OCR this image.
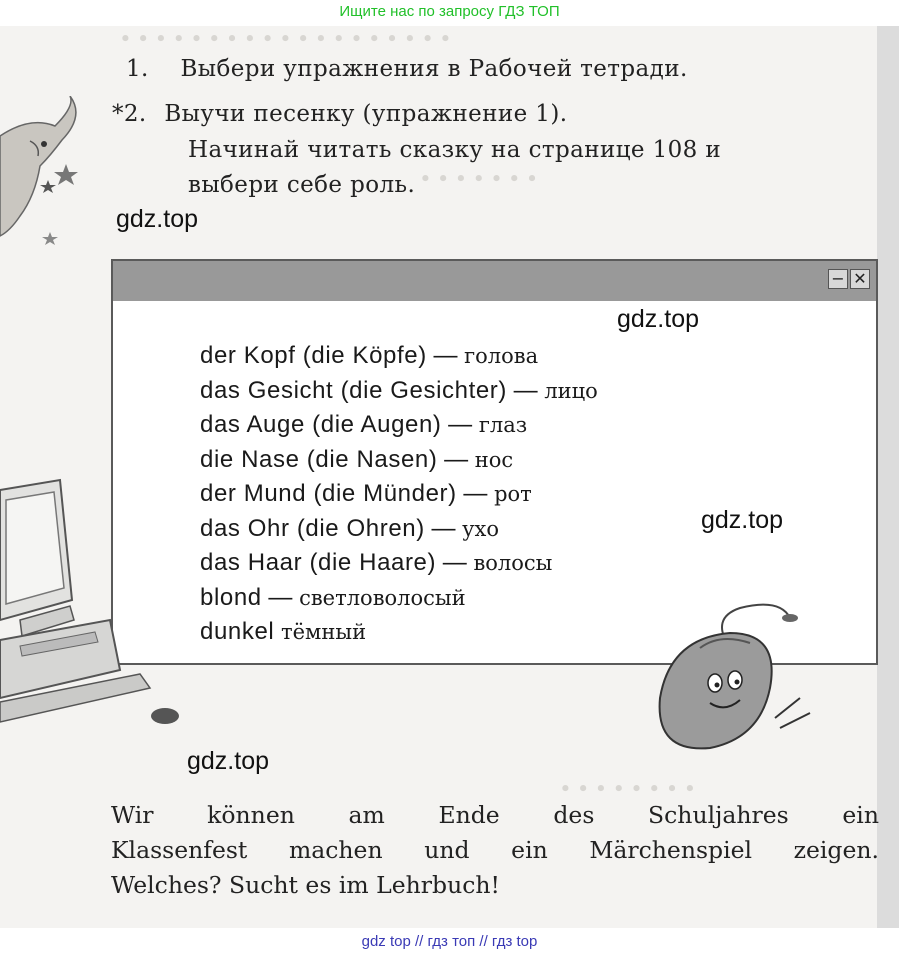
Ищите нас по запросу ГДЗ ТОП
∙ ∙ ∙ ∙ ∙ ∙ ∙ ∙ ∙ ∙ ∙ ∙ ∙ ∙ ∙ ∙ ∙ ∙ ∙
∙ ∙ ∙ ∙ ∙ ∙ ∙
∙ ∙ ∙ ∙ ∙ ∙ ∙ ∙
1. Выбери упражнения в Рабочей тетради.
*2. Выучи песенку (упражнение 1).
Начинай читать сказку на странице 108 и
выбери себе роль.
− ✕
der Kopf (die Köpfe) — голова
das Gesicht (die Gesichter) — лицо
das Auge (die Augen) — глаз
die Nase (die Nasen) — нос
der Mund (die Münder) — рот
das Ohr (die Ohren) — ухо
das Haar (die Haare) — волосы
blond — светловолосый
dunkel тёмный
gdz.top
gdz.top
gdz.top
gdz.top
Wir können am Ende des Schuljahres ein
Klassenfest machen und ein Märchenspiel zeigen.
Welches? Sucht es im Lehrbuch!
gdz top // гдз топ // гдз top
